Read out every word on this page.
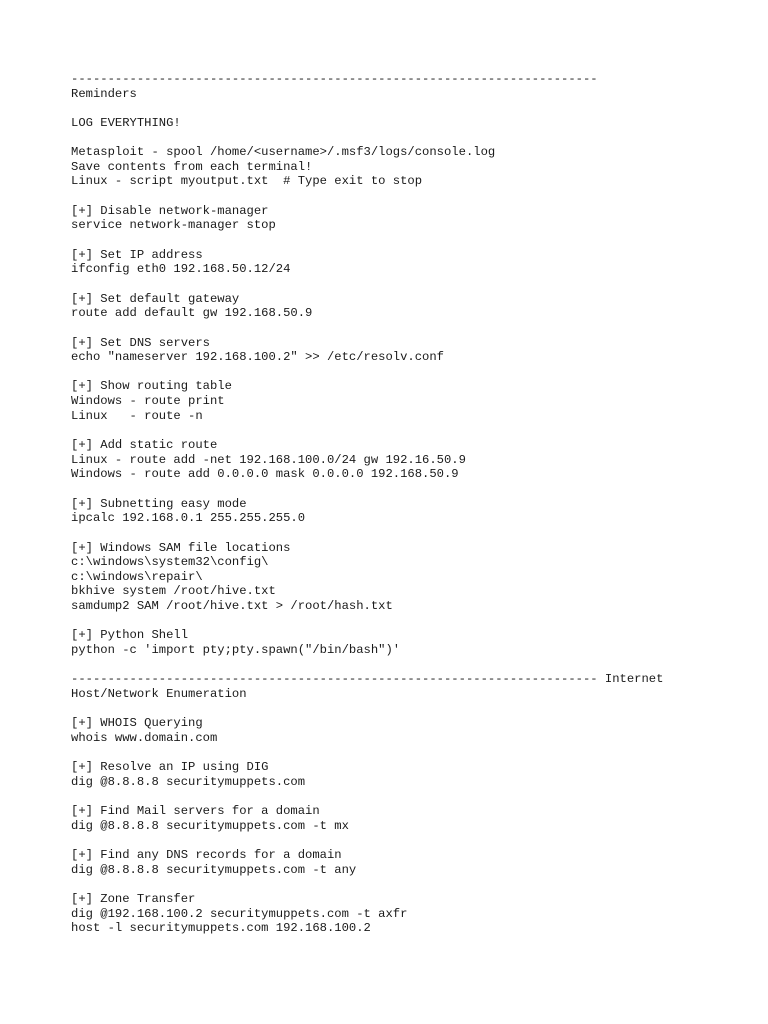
------------------------------------------------------------------------
Reminders
LOG EVERYTHING!
Metasploit - spool /home/<username>/.msf3/logs/console.log
Save contents from each terminal!
Linux - script myoutput.txt  # Type exit to stop
[+] Disable network-manager
service network-manager stop
[+] Set IP address
ifconfig eth0 192.168.50.12/24
[+] Set default gateway
route add default gw 192.168.50.9
[+] Set DNS servers
echo "nameserver 192.168.100.2" >> /etc/resolv.conf
[+] Show routing table
Windows - route print
Linux   - route -n
[+] Add static route
Linux - route add -net 192.168.100.0/24 gw 192.16.50.9
Windows - route add 0.0.0.0 mask 0.0.0.0 192.168.50.9
[+] Subnetting easy mode
ipcalc 192.168.0.1 255.255.255.0
[+] Windows SAM file locations
c:\windows\system32\config\
c:\windows\repair\
bkhive system /root/hive.txt
samdump2 SAM /root/hive.txt > /root/hash.txt
[+] Python Shell
python -c 'import pty;pty.spawn("/bin/bash")'
------------------------------------------------------------------------ Internet
Host/Network Enumeration
[+] WHOIS Querying
whois www.domain.com
[+] Resolve an IP using DIG
dig @8.8.8.8 securitymuppets.com
[+] Find Mail servers for a domain
dig @8.8.8.8 securitymuppets.com -t mx
[+] Find any DNS records for a domain
dig @8.8.8.8 securitymuppets.com -t any
[+] Zone Transfer
dig @192.168.100.2 securitymuppets.com -t axfr
host -l securitymuppets.com 192.168.100.2
